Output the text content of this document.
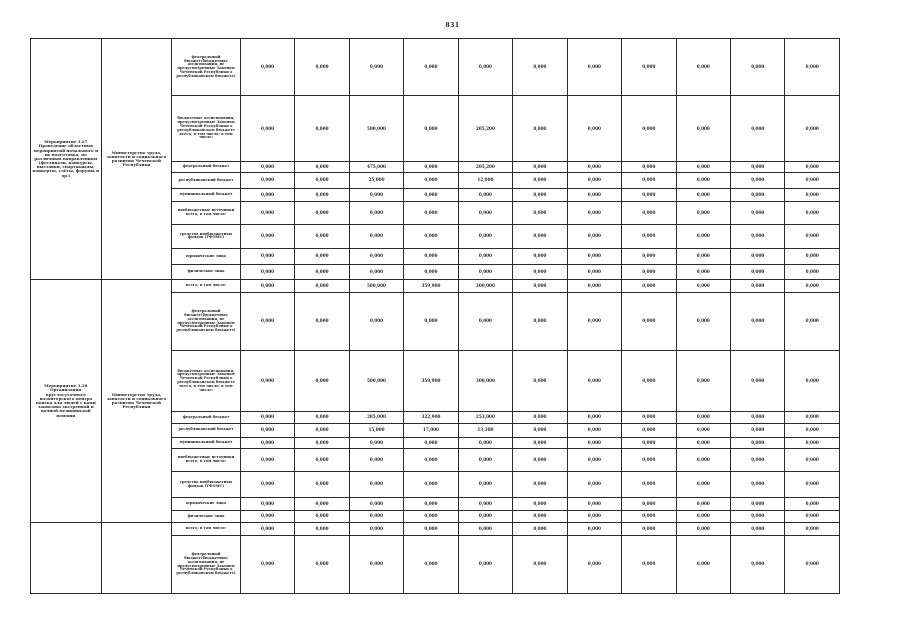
831
Мероприятие 3.27
Проведение областных мероприятий начального и их подготовка, по различным направлениям (фестивали, конкурсы, выставки, спартакиады, концерты, слёты, форумы и др.)	Министерство труда, занятости и социального развития Чеченской Республики	федеральный бюджет(бюджетные ассигнования, не предусмотренные Законом Чеченской Республики о республиканском бюджете)	0,000	0,000	0,000	0,000	0,000	0,000	0,000	0,000	0,000	0,000	0,000
		бюджетные ассигнования, предусмотренные Законом Чеченской Республики о республиканском бюджете всего, в том числе: в том числе:	0,000	0,000	500,000	0,000	205,200	0,000	0,000	0,000	0,000	0,000	0,000
		федеральный бюджет	0,000	0,000	475,000	0,000	205,200	0,000	0,000	0,000	0,000	0,000	0,000
		республиканский бюджет	0,000	0,000	25,000	0,000	12,000	0,000	0,000	0,000	0,000	0,000	0,000
		муниципальный бюджет	0,000	0,000	0,000	0,000	0,000	0,000	0,000	0,000	0,000	0,000	0,000
		внебюджетные источники всего, в том числе:	0,000	0,000	0,000	0,000	0,000	0,000	0,000	0,000	0,000	0,000	0,000
		средства внебюджетных фондов (ТФОМС)	0,000	0,000	0,000	0,000	0,000	0,000	0,000	0,000	0,000	0,000	0,000
		юридические лица	0,000	0,000	0,000	0,000	0,000	0,000	0,000	0,000	0,000	0,000	0,000
		физические лица	0,000	0,000	0,000	0,000	0,000	0,000	0,000	0,000	0,000	0,000	0,000
Мероприятие 3.28
Организация круглосуточного волонтерского центра поиска для людей с вами записаны экстренной и ночной медицинской помощи	Министерство труда, занятости и социального развития Чеченской Республики	всего, в том числе:	0,000	0,000	500,000	359,900	300,000	0,000	0,000	0,000	0,000	0,000	0,000
		федеральный бюджет(бюджетные ассигнования, не предусмотренные Законом Чеченской Республики о республиканском бюджете)	0,000	0,000	0,000	0,000	0,000	0,000	0,000	0,000	0,000	0,000	0,000
		бюджетные ассигнования, предусмотренные Законом Чеченской Республики о республиканском бюджете всего, в том числе: в том числе:	0,000	0,000	500,000	359,900	300,000	0,000	0,000	0,000	0,000	0,000	0,000
		федеральный бюджет	0,000	0,000	285,000	322,900	253,000	0,000	0,000	0,000	0,000	0,000	0,000
		республиканский бюджет	0,000	0,000	15,000	17,000	13,300	0,000	0,000	0,000	0,000	0,000	0,000
		муниципальный бюджет	0,000	0,000	0,000	0,000	0,000	0,000	0,000	0,000	0,000	0,000	0,000
		внебюджетные источники всего, в том числе:	0,000	0,000	0,000	0,000	0,000	0,000	0,000	0,000	0,000	0,000	0,000
		средства внебюджетных фондов (ТФОМС)	0,000	0,000	0,000	0,000	0,000	0,000	0,000	0,000	0,000	0,000	0,000
		юридические лица	0,000	0,000	0,000	0,000	0,000	0,000	0,000	0,000	0,000	0,000	0,000
		физические лица	0,000	0,000	0,000	0,000	0,000	0,000	0,000	0,000	0,000	0,000	0,000
		всего, в том числе:	0,000	0,000	0,000	0,000	0,000	0,000	0,000	0,000	0,000	0,000	0,000
		федеральный бюджет(бюджетные ассигнования, не предусмотренные Законом Чеченской Республики о республиканском бюджете)	0,000	0,000	0,000	0,000	0,000	0,000	0,000	0,000	0,000	0,000	0,000
